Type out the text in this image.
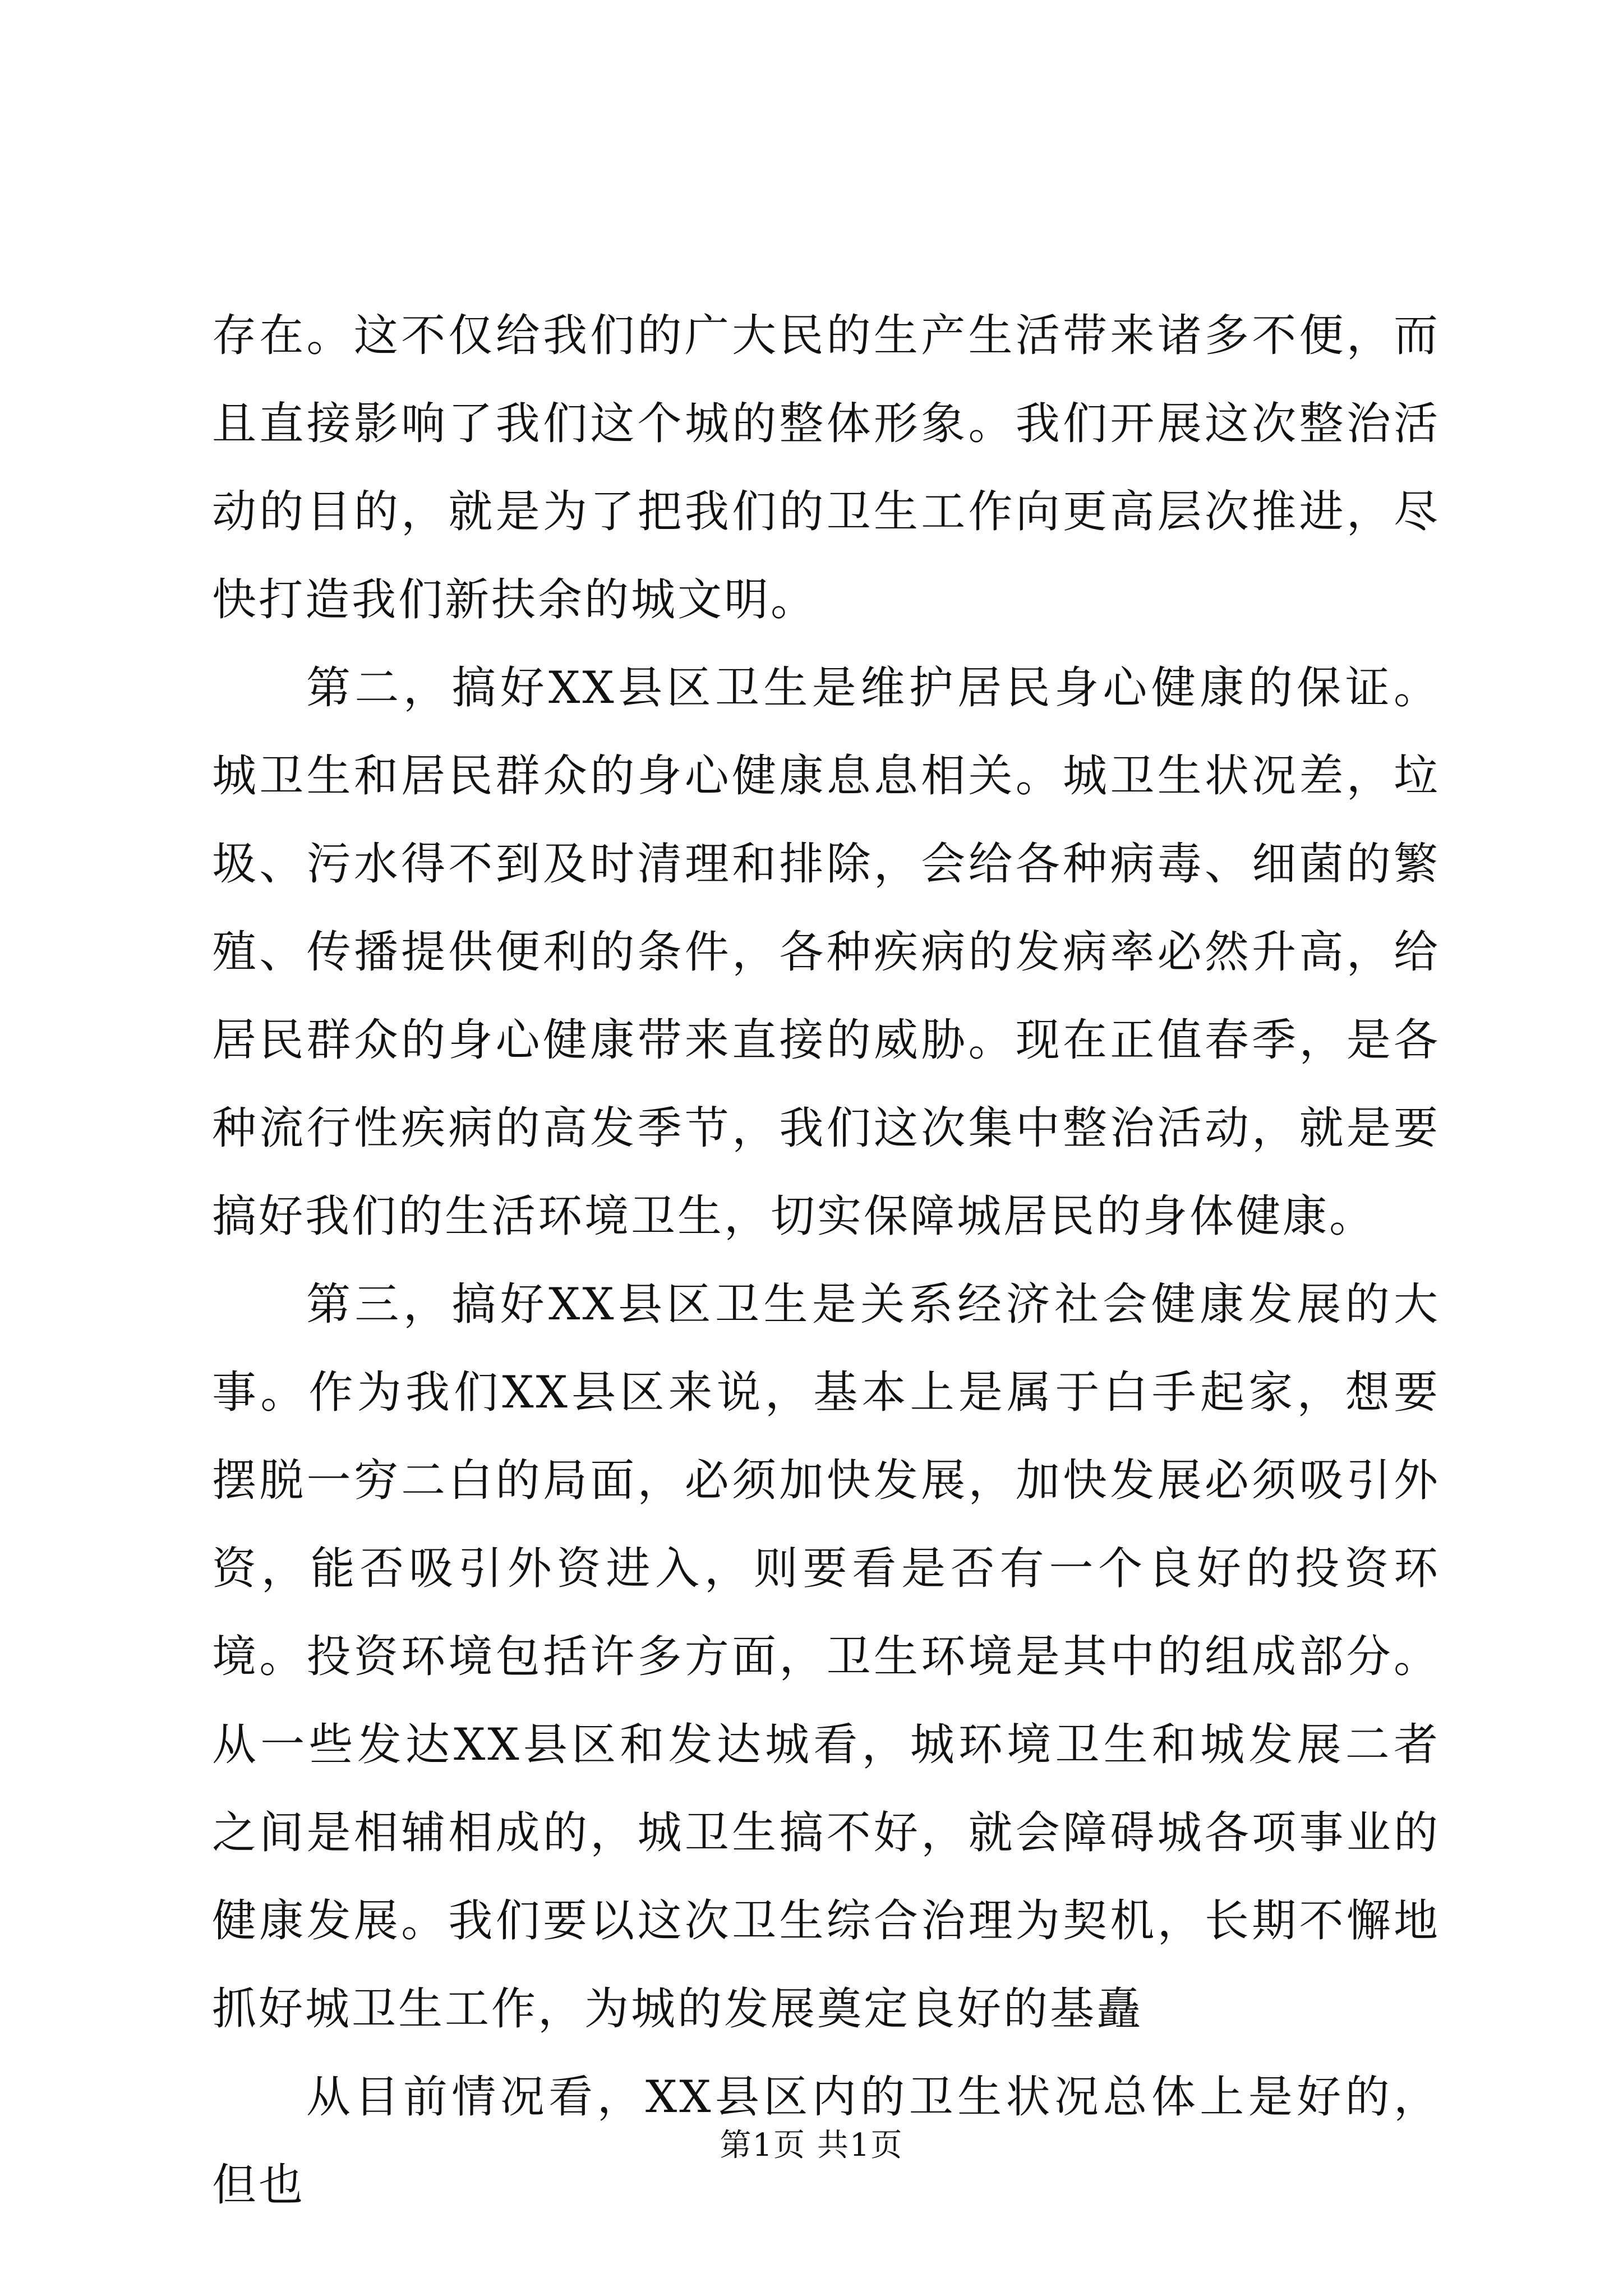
存在。这不仅给我们的广大民的生产生活带来诸多不便，而且直接影响了我们这个城的整体形象。我们开展这次整治活动的目的，就是为了把我们的卫生工作向更高层次推进，尽快打造我们新扶余的城文明。

第二，搞好XX县区卫生是维护居民身心健康的保证。城卫生和居民群众的身心健康息息相关。城卫生状况差，垃圾、污水得不到及时清理和排除，会给各种病毒、细菌的繁殖、传播提供便利的条件，各种疾病的发病率必然升高，给居民群众的身心健康带来直接的威胁。现在正值春季，是各种流行性疾病的高发季节，我们这次集中整治活动，就是要搞好我们的生活环境卫生，切实保障城居民的身体健康。

第三，搞好XX县区卫生是关系经济社会健康发展的大事。作为我们XX县区来说，基本上是属于白手起家，想要摆脱一穷二白的局面，必须加快发展，加快发展必须吸引外资，能否吸引外资进入，则要看是否有一个良好的投资环境。投资环境包括许多方面，卫生环境是其中的组成部分。从一些发达XX县区和发达城看，城环境卫生和城发展二者之间是相辅相成的，城卫生搞不好，就会障碍城各项事业的健康发展。我们要以这次卫生综合治理为契机，长期不懈地抓好城卫生工作，为城的发展奠定良好的基矗

从目前情况看，XX县区内的卫生状况总体上是好的，但也

第1页 共1页
